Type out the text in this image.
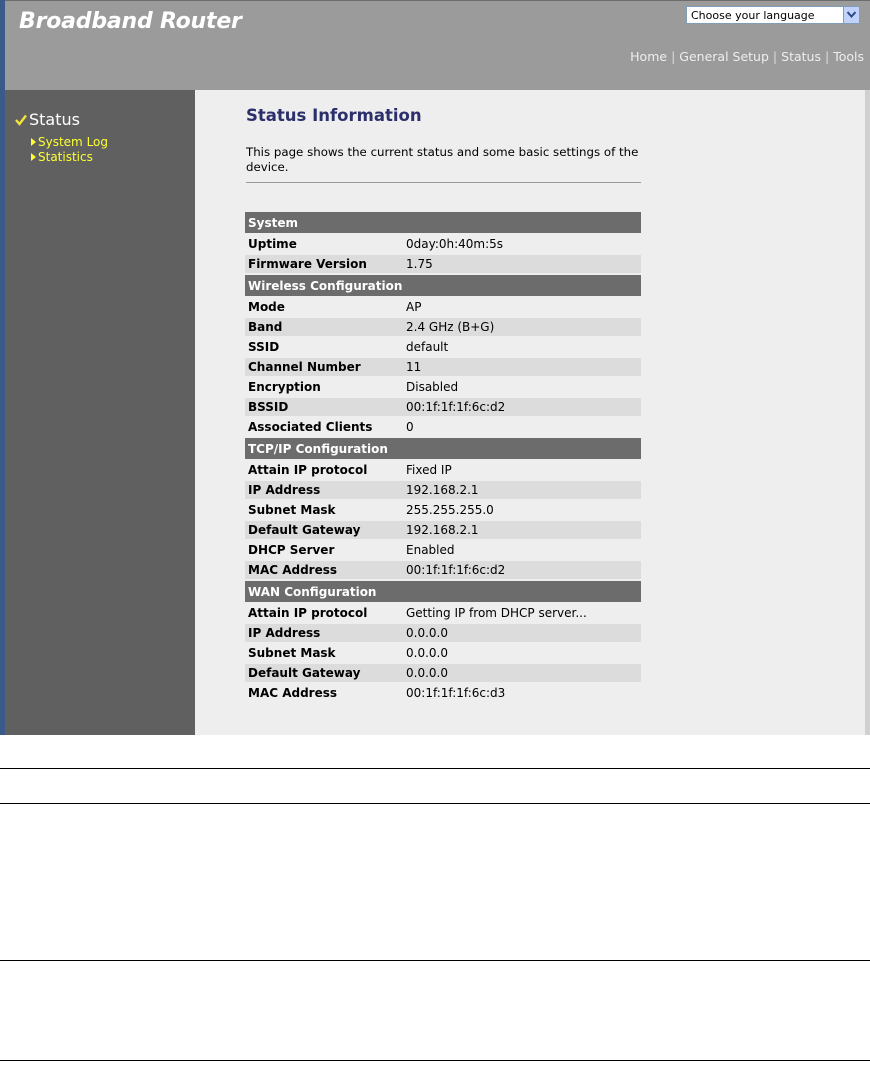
Broadband Router	Choose your language
Home | General Setup | Status | Tools
Status
System Log
Statistics
Status Information
This page shows the current status and some basic settings of the device.
System	
Uptime	0day:0h:40m:5s
Firmware Version	1.75
Wireless Configuration	
Mode	AP
Band	2.4 GHz (B+G)
SSID	default
Channel Number	11
Encryption	Disabled
BSSID	00:1f:1f:1f:6c:d2
Associated Clients	0
TCP/IP Configuration	
Attain IP protocol	Fixed IP
IP Address	192.168.2.1
Subnet Mask	255.255.255.0
Default Gateway	192.168.2.1
DHCP Server	Enabled
MAC Address	00:1f:1f:1f:6c:d2
WAN Configuration	
Attain IP protocol	Getting IP from DHCP server...
IP Address	0.0.0.0
Subnet Mask	0.0.0.0
Default Gateway	0.0.0.0
MAC Address	00:1f:1f:1f:6c:d3
